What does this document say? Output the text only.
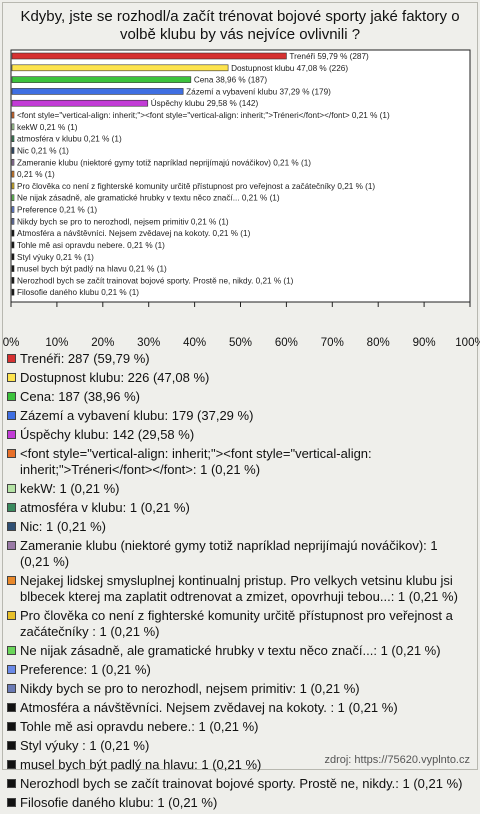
Kdyby, jste se rozhodl/a začít trénovat bojové sporty jaké faktory o volbě klubu by vás nejvíce ovlivnili ?
Trenéři 59,79 % (287)
Dostupnost klubu 47,08 % (226)
Cena 38,96 % (187)
Zázemí a vybavení klubu 37,29 % (179)
Úspěchy klubu 29,58 % (142)
<font style="vertical-align: inherit;"><font style="vertical-align: inherit;">Tréneri</font></font> 0,21 % (1)
kekW 0,21 % (1)
atmosféra v klubu 0,21 % (1)
Nic 0,21 % (1)
Zameranie klubu (niektoré gymy totiž napríklad neprijímajú nováčikov) 0,21 % (1)
0,21 % (1)
Pro člověka co není z fighterské komunity určitě přístupnost pro veřejnost a začátečníky 0,21 % (1)
Ne nijak zásadně, ale gramatické hrubky v textu něco značí... 0,21 % (1)
Preference 0,21 % (1)
Nikdy bych se pro to nerozhodl, nejsem primitiv 0,21 % (1)
Atmosféra a návštěvníci. Nejsem zvědavej na kokoty. 0,21 % (1)
Tohle mě asi opravdu nebere. 0,21 % (1)
Styl výuky 0,21 % (1)
musel bych být padlý na hlavu 0,21 % (1)
Nerozhodl bych se začít trainovat bojové sporty. Prostě ne, nikdy. 0,21 % (1)
Filosofie daného klubu 0,21 % (1)
0% 10% 20% 30% 40% 50% 60% 70% 80% 90% 100
Trenéři: 287 (59,79 %)
Dostupnost klubu: 226 (47,08 %)
Cena: 187 (38,96 %)
Zázemí a vybavení klubu: 179 (37,29 %)
Úspěchy klubu: 142 (29,58 %)
<font style="vertical-align: inherit;"><font style="vertical-align: inherit;">Tréneri</font></font>: 1 (0,21 %)
kekW: 1 (0,21 %)
atmosféra v klubu: 1 (0,21 %)
Nic: 1 (0,21 %)
Zameranie klubu (niektoré gymy totiž napríklad neprijímajú nováčikov): 1 (0,21 %)
Nejakej lidskej smysluplnej kontinualnj pristup. Pro velkych vetsinu klubu jsi blbecek kterej ma zaplatit odtrenovat a zmizet, opovrhuji tebou...: 1 (0,21 %)
Pro člověka co není z fighterské komunity určitě přístupnost pro veřejnost a začátečníky : 1 (0,21 %)
Ne nijak zásadně, ale gramatické hrubky v textu něco značí...: 1 (0,21 %)
Preference: 1 (0,21 %)
Nikdy bych se pro to nerozhodl, nejsem primitiv: 1 (0,21 %)
Atmosféra a návštěvníci. Nejsem zvědavej na kokoty. : 1 (0,21 %)
Tohle mě asi opravdu nebere.: 1 (0,21 %)
Styl výuky : 1 (0,21 %)
musel bych být padlý na hlavu: 1 (0,21 %)
Nerozhodl bych se začít trainovat bojové sporty. Prostě ne, nikdy.: 1 (0,21 %)
Filosofie daného klubu: 1 (0,21 %)	zdroj: https://75620.vyplnto.cz
